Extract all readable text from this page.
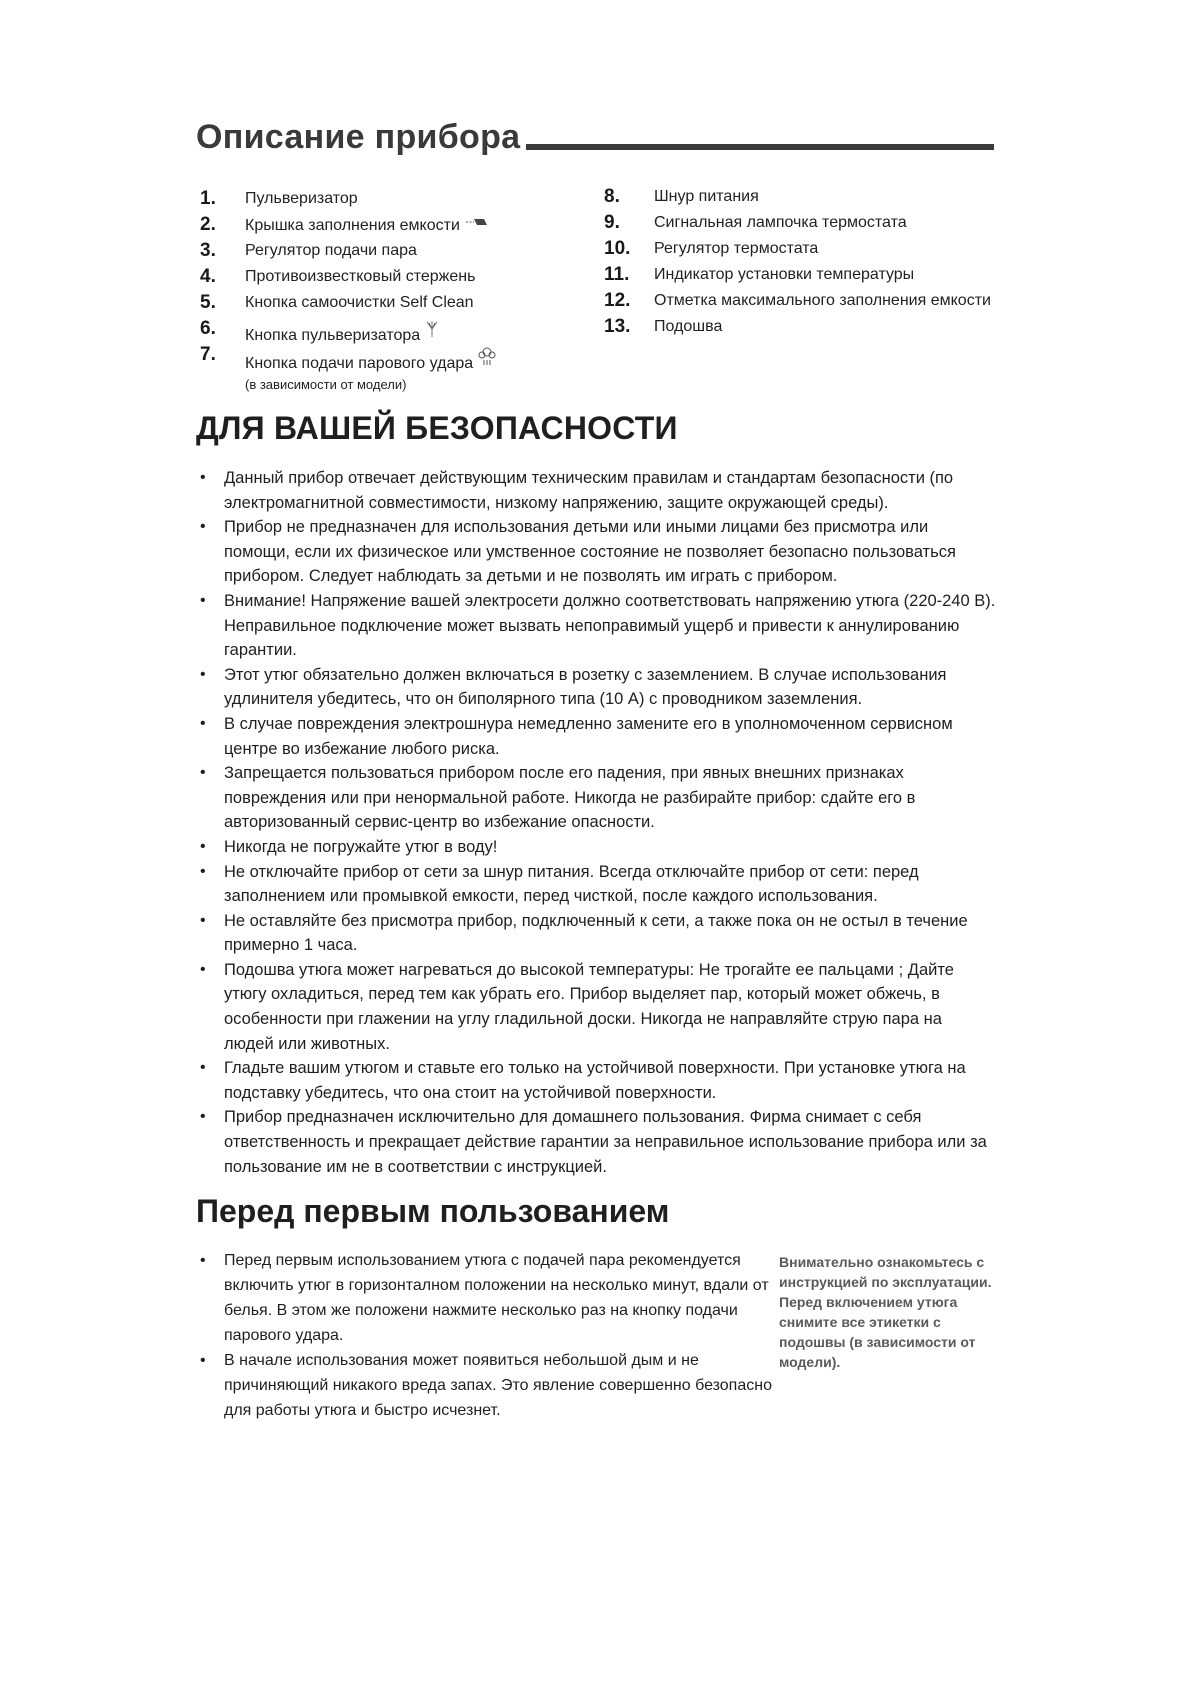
Описание прибора
1. Пульверизатор
2. Крышка заполнения емкости
3. Регулятор подачи пара
4. Противоизвестковый стержень
5. Кнопка самоочистки Self Clean
6. Кнопка пульверизатора
7. Кнопка подачи парового удара

(в зависимости от модели)

8. Шнур питания
9. Сигнальная лампочка термостата
10. Регулятор термостата
11. Индикатор установки температуры
12. Отметка максимального заполнения емкости
13. Подошва
ДЛЯ ВАШЕЙ БЕЗОПАСНОСТИ
• Данный прибор отвечает действующим техническим правилам и стандартам безопасности (по электромагнитной совместимости, низкому напряжению, защите окружающей среды).
• Прибор не предназначен для использования детьми или иными лицами без присмотра или помощи, если их физическое или умственное состояние не позволяет безопасно пользоваться прибором. Следует наблюдать за детьми и не позволять им играть с прибором.
• Внимание! Напряжение вашей электросети должно соответствовать напряжению утюга (220-240 В). Неправильное подключение может вызвать непоправимый ущерб и привести к аннулированию гарантии.
• Этот утюг обязательно должен включаться в розетку с заземлением. В случае использования удлинителя убедитесь, что он биполярного типа (10 А) с проводником заземления.
• В случае повреждения электрошнура немедленно замените его в уполномоченном сервисном центре во избежание любого риска.
• Запрещается пользоваться прибором после его падения, при явных внешних признаках повреждения или при ненормальной работе. Никогда не разбирайте прибор: сдайте его в авторизованный сервис-центр во избежание опасности.
• Никогда не погружайте утюг в воду!
• Не отключайте прибор от сети за шнур питания. Всегда отключайте прибор от сети: перед заполнением или промывкой емкости, перед чисткой, после каждого использования.
• Не оставляйте без присмотра прибор, подключенный к сети, а также пока он не остыл в течение примерно 1 часа.
• Подошва утюга может нагреваться до высокой температуры: Не трогайте ее пальцами ; Дайте утюгу охладиться, перед тем как убрать его. Прибор выделяет пар, который может обжечь, в особенности при глажении на углу гладильной доски. Никогда не направляйте струю пара на людей или животных.
• Гладьте вашим утюгом и ставьте его только на устойчивой поверхности. При установке утюга на подставку убедитесь, что она стоит на устойчивой поверхности.
• Прибор предназначен исключительно для домашнего пользования. Фирма снимает с себя ответственность и прекращает действие гарантии за неправильное использование прибора или за пользование им не в соответствии с инструкцией.
Перед первым пользованием
• Перед первым использованием утюга с подачей пара рекомендуется включить утюг в горизонталном положении на несколько минут, вдали от белья. В этом же положени нажмите несколько раз на кнопку подачи парового удара.
• В начале использования может появиться небольшой дым и не причиняющий никакого вреда запах. Это явление совершенно безопасно для работы утюга и быстро исчезнет.

Внимательно ознакомьтесь с инструкцией по эксплуатации.

Перед включением утюга снимите все этикетки с подошвы (в зависимости от модели).
